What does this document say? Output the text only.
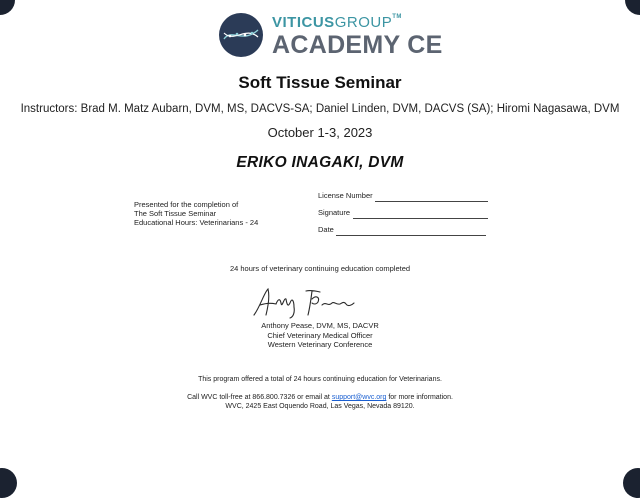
VITICUSGROUP™
ACADEMY CE
Soft Tissue Seminar
Instructors: Brad M. Matz Aubarn, DVM, MS, DACVS-SA; Daniel Linden, DVM, DACVS (SA); Hiromi Nagasawa, DVM
October 1-3, 2023
ERIKO INAGAKI, DVM
Presented for the completion of
The Soft Tissue Seminar
Educational Hours: Veterinarians - 24
License Number
Signature
Date
24 hours of veterinary continuing education completed
Anthony Pease, DVM, MS, DACVR
Chief Veterinary Medical Officer
Western Veterinary Conference
This program offered a total of 24 hours continuing education for Veterinarians.
Call WVC toll-free at 866.800.7326 or email at support@wvc.org for more information.
WVC, 2425 East Oquendo Road, Las Vegas, Nevada 89120.
